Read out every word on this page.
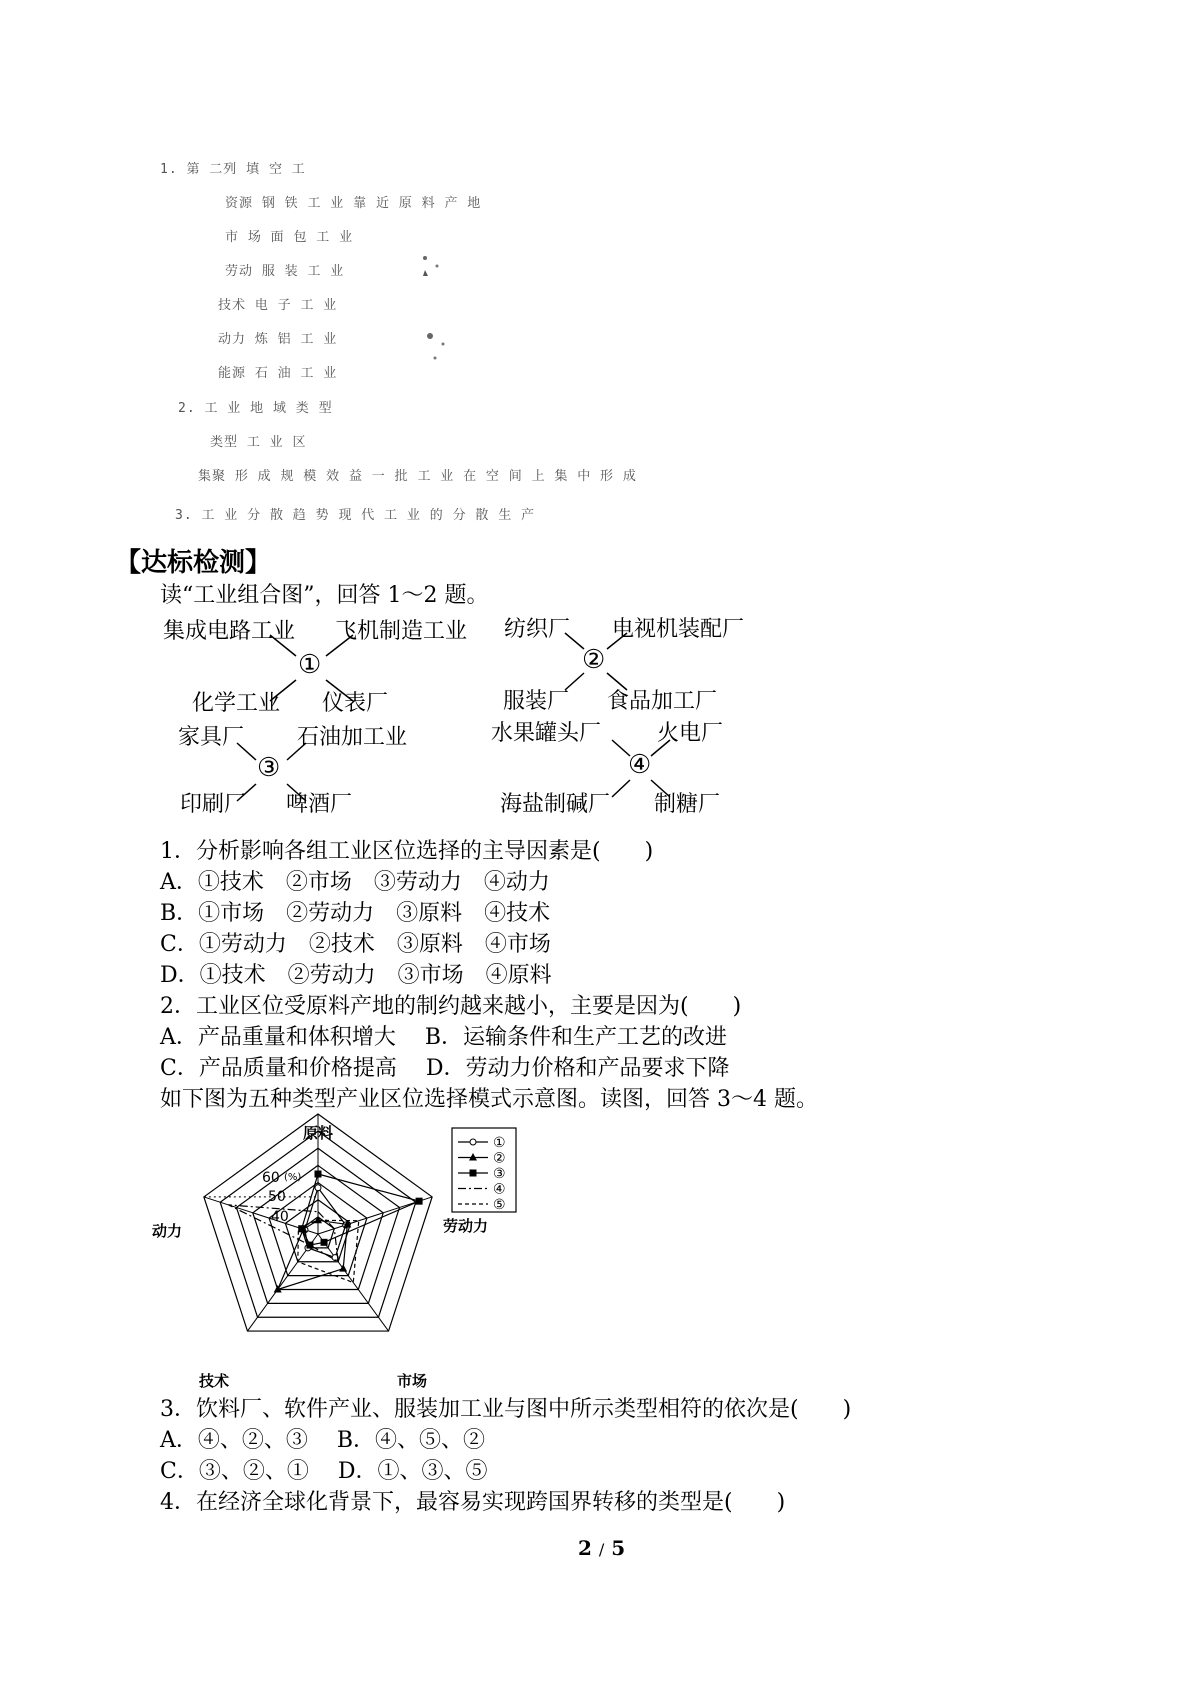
1. 第 二列 填 空 工
资源 钢 铁 工 业 靠 近 原 料 产 地
市 场 面 包 工 业
劳动 服 装 工 业
技术 电 子 工 业
动力 炼 铝 工 业
能源 石 油 工 业
2. 工 业 地 域 类 型
类型 工 业 区
集聚 形 成 规 模 效 益 一 批 工 业 在 空 间 上 集 中 形 成
3. 工 业 分 散 趋 势 现 代 工 业 的 分 散 生 产
【达标检测】
读“工业组合图”，回答 1～2 题。
集成电路工业 飞机制造工业
①
化学工业 仪表厂
纺织厂 电视机装配厂
②
服装厂 食品加工厂
家具厂 石油加工业
③
印刷厂 啤酒厂
水果罐头厂	火电厂
④
海盐制碱厂 制糖厂
1．分析影响各组工业区位选择的主导因素是(　　)
A．①技术　②市场　③劳动力　④动力
B．①市场　②劳动力　③原料　④技术
C．①劳动力　②技术　③原料　④市场
D．①技术　②劳动力　③市场　④原料
2．工业区位受原料产地的制约越来越小，主要是因为(　　)
A．产品重量和体积增大　 B．运输条件和生产工艺的改进
C．产品质量和价格提高　 D．劳动力价格和产品要求下降
如下图为五种类型产业区位选择模式示意图。读图，回答 3～4 题。
原料
劳动力
市场
技术
动力
60
50
40
(%)
①
②
③
④
⑤
3．饮料厂、软件产业、服装加工业与图中所示类型相符的依次是(　　)
A．④、②、③　 B．④、⑤、②
C．③、②、①　 D．①、③、⑤
4．在经济全球化背景下，最容易实现跨国界转移的类型是(　　)
2 / 5
